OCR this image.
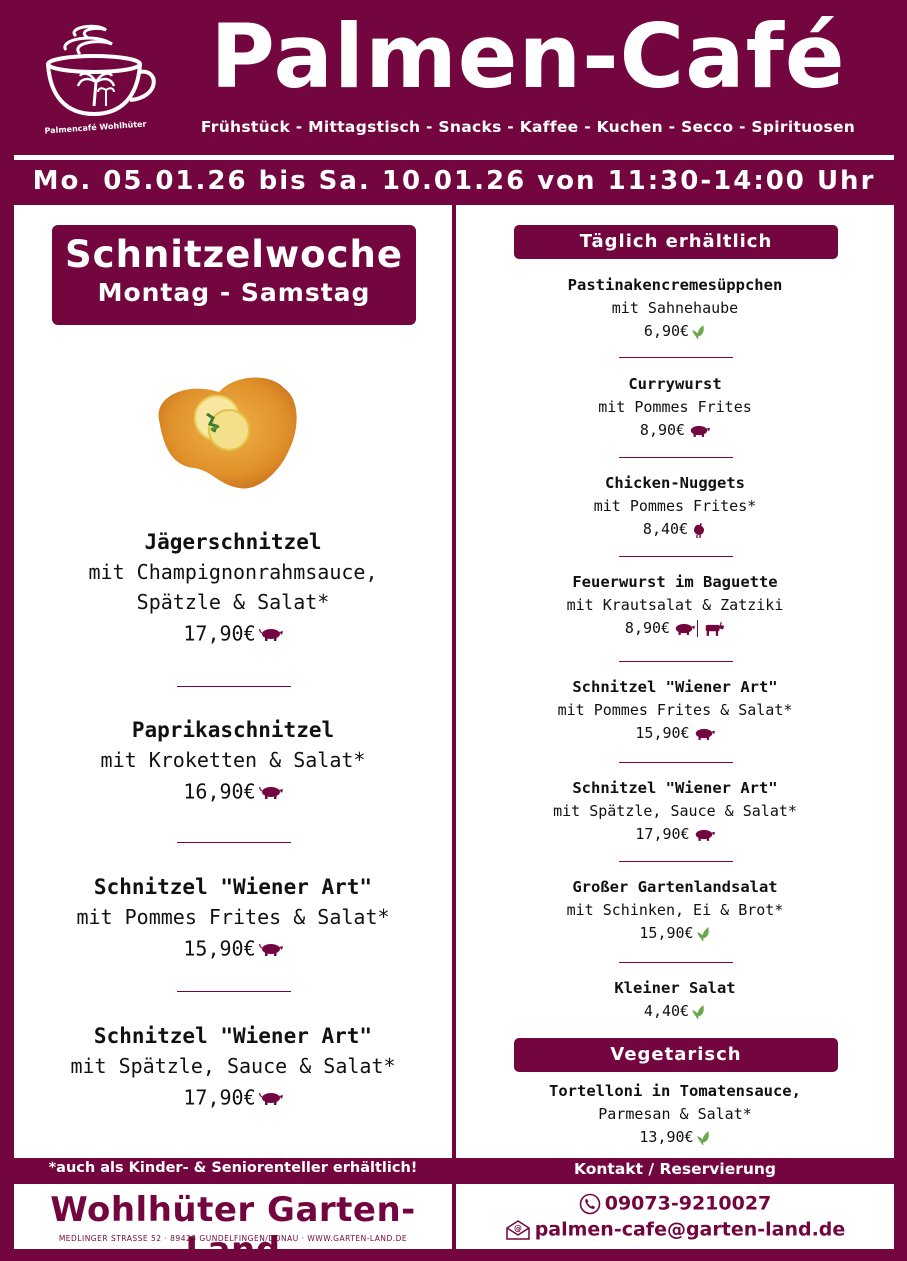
Palmencafé Wohlhüter
Palmen-Café
Frühstück - Mittagstisch - Snacks - Kaffee - Kuchen - Secco - Spirituosen
Mo. 05.01.26 bis Sa. 10.01.26 von 11:30-14:00 Uhr
Schnitzelwoche
Montag - Samstag
Jägerschnitzel
mit Champignonrahmsauce,
Spätzle & Salat*
17,90€
Paprikaschnitzel
mit Kroketten & Salat*
16,90€
Schnitzel "Wiener Art"
mit Pommes Frites & Salat*
15,90€
Schnitzel "Wiener Art"
mit Spätzle, Sauce & Salat*
17,90€
Täglich erhältlich
Pastinakencremesüppchen
mit Sahnehaube
6,90€
Currywurst
mit Pommes Frites
8,90€
Chicken-Nuggets
mit Pommes Frites*
8,40€
Feuerwurst im Baguette
mit Krautsalat & Zatziki
8,90€
Schnitzel "Wiener Art"
mit Pommes Frites & Salat*
15,90€
Schnitzel "Wiener Art"
mit Spätzle, Sauce & Salat*
17,90€
Großer Gartenlandsalat
mit Schinken, Ei & Brot*
15,90€
Kleiner Salat
4,40€
Vegetarisch
Tortelloni in Tomatensauce,
Parmesan & Salat*
13,90€
*auch als Kinder- & Seniorenteller erhältlich!	Kontakt / Reservierung
Wohlhüter Garten-Land
MEDLINGER STRASSE 52 · 89423 GUNDELFINGEN/DONAU · WWW.GARTEN-LAND.DE
09073-9210027
@ palmen-cafe@garten-land.de
